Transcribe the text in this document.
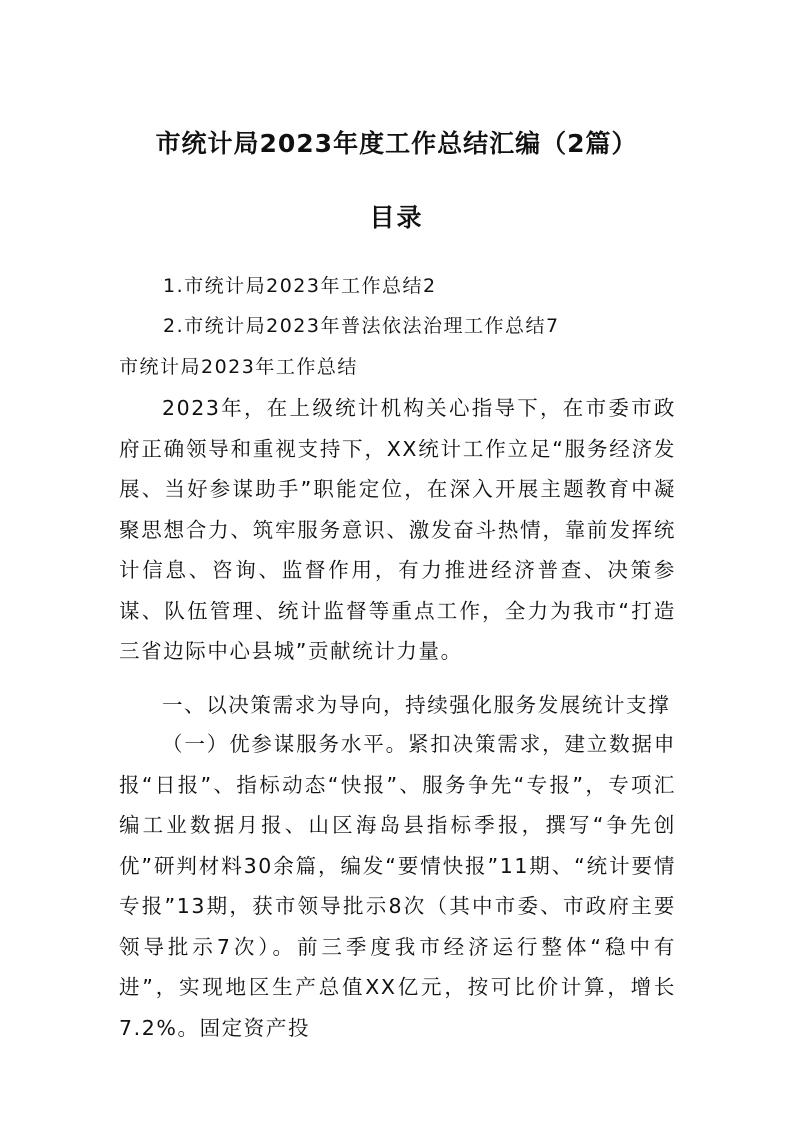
市统计局2023年度工作总结汇编（2篇）
目录
1.市统计局2023年工作总结2
2.市统计局2023年普法依法治理工作总结7
市统计局2023年工作总结

2023年，在上级统计机构关心指导下，在市委市政府正确领导和重视支持下，XX统计工作立足“服务经济发展、当好参谋助手”职能定位，在深入开展主题教育中凝聚思想合力、筑牢服务意识、激发奋斗热情，靠前发挥统计信息、咨询、监督作用，有力推进经济普查、决策参谋、队伍管理、统计监督等重点工作，全力为我市“打造三省边际中心县城”贡献统计力量。

一、以决策需求为导向，持续强化服务发展统计支撑

（一）优参谋服务水平。紧扣决策需求，建立数据申报“日报”、指标动态“快报”、服务争先“专报”，专项汇编工业数据月报、山区海岛县指标季报，撰写“争先创优”研判材料30余篇，编发“要情快报”11期、“统计要情专报”13期，获市领导批示8次（其中市委、市政府主要领导批示7次）。前三季度我市经济运行整体“稳中有进”，实现地区生产总值XX亿元，按可比价计算，增长7.2%。固定资产投
